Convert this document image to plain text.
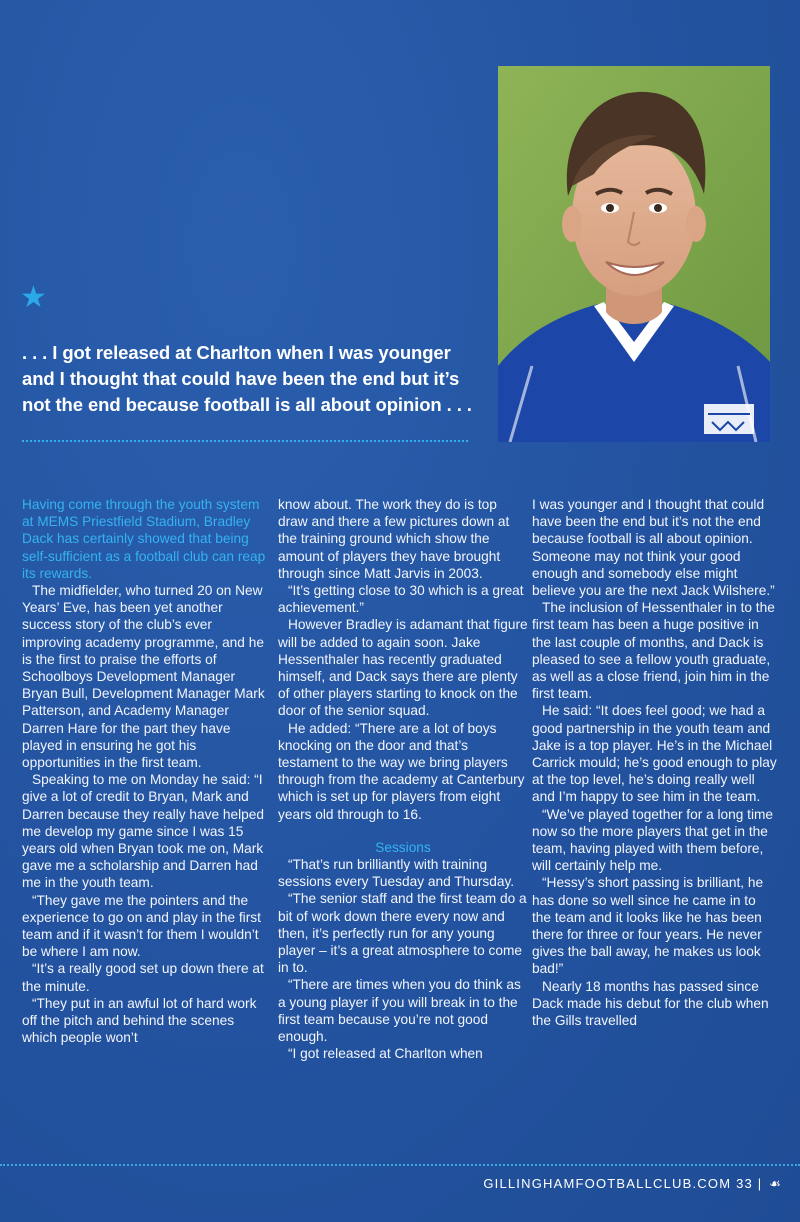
★
. . . I got released at Charlton when I was younger and I thought that could have been the end but it’s not the end because football is all about opinion . . .

Having come through the youth system at MEMS Priestfield Stadium, Bradley Dack has certainly showed that being self-sufficient as a football club can reap its rewards.

The midfielder, who turned 20 on New Years’ Eve, has been yet another success story of the club’s ever improving academy programme, and he is the first to praise the efforts of Schoolboys Development Manager Bryan Bull, Development Manager Mark Patterson, and Academy Manager Darren Hare for the part they have played in ensuring he got his opportunities in the first team.

Speaking to me on Monday he said: “I give a lot of credit to Bryan, Mark and Darren because they really have helped me develop my game since I was 15 years old when Bryan took me on, Mark gave me a scholarship and Darren had me in the youth team.

“They gave me the pointers and the experience to go on and play in the first team and if it wasn’t for them I wouldn’t be where I am now.

“It’s a really good set up down there at the minute.

“They put in an awful lot of hard work off the pitch and behind the scenes which people won’t

know about. The work they do is top draw and there a few pictures down at the training ground which show the amount of players they have brought through since Matt Jarvis in 2003.

“It’s getting close to 30 which is a great achievement.”

However Bradley is adamant that figure will be added to again soon. Jake Hessenthaler has recently graduated himself, and Dack says there are plenty of other players starting to knock on the door of the senior squad.

He added: “There are a lot of boys knocking on the door and that’s testament to the way we bring players through from the academy at Canterbury which is set up for players from eight years old through to 16.

Sessions

“That’s run brilliantly with training sessions every Tuesday and Thursday.

“The senior staff and the first team do a bit of work down there every now and then, it’s perfectly run for any young player – it’s a great atmosphere to come in to.

“There are times when you do think as a young player if you will break in to the first team because you’re not good enough.

“I got released at Charlton when

I was younger and I thought that could have been the end but it’s not the end because football is all about opinion. Someone may not think your good enough and somebody else might believe you are the next Jack Wilshere.”

The inclusion of Hessenthaler in to the first team has been a huge positive in the last couple of months, and Dack is pleased to see a fellow youth graduate, as well as a close friend, join him in the first team.

He said: “It does feel good; we had a good partnership in the youth team and Jake is a top player. He’s in the Michael Carrick mould; he’s good enough to play at the top level, he’s doing really well and I’m happy to see him in the team.

“We’ve played together for a long time now so the more players that get in the team, having played with them before, will certainly help me.

“Hessy’s short passing is brilliant, he has done so well since he came in to the team and it looks like he has been there for three or four years. He never gives the ball away, he makes us look bad!”

Nearly 18 months has passed since Dack made his debut for the club when the Gills travelled

GILLINGHAMFOOTBALLCLUB.COM 33 | ☙
